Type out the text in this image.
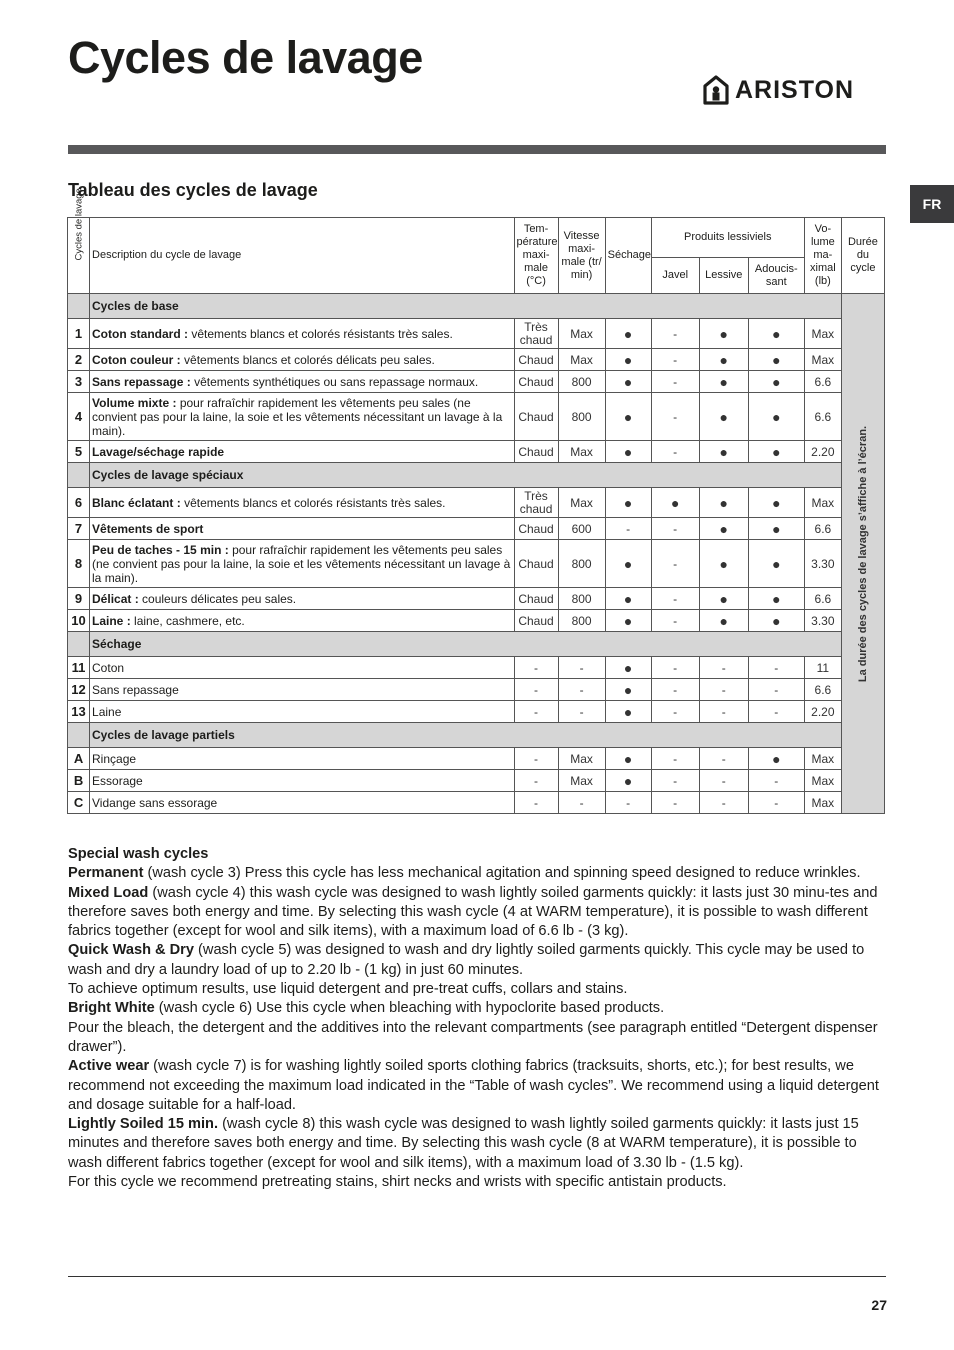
Cycles de lavage
ARISTON
FR
Tableau des cycles de lavage
Cycles de lavage	Description du cycle de lavage	Tem- pérature maxi- male (°C)	Vitesse maxi- male (tr/ min)	Séchage	Produits lessiviels			Vo- lume ma- ximal (lb)	Durée du cycle
					Javel	Lessive	Adoucis- sant		
	Cycles de base								La durée des cycles de lavage s’affiche à l’écran.

1	Coton standard : vêtements blancs et colorés résistants très sales.	Très chaud	Max	●	-	●	●	Max	
2	Coton couleur : vêtements blancs et colorés délicats peu sales.	Chaud	Max	●	-	●	●	Max	
3	Sans repassage : vêtements synthétiques ou sans repassage normaux.	Chaud	800	●	-	●	●	6.6	
4	Volume mixte : pour rafraîchir rapidement les vêtements peu sales (ne convient pas pour la laine, la soie et les vêtements nécessitant un lavage à la main).	Chaud	800	●	-	●	●	6.6	
5	Lavage/séchage rapide	Chaud	Max	●	-	●	●	2.20	
	Cycles de lavage spéciaux								
6	Blanc éclatant : vêtements blancs et colorés résistants très sales.	Très chaud	Max	●	●	●	●	Max	
7	Vêtements de sport	Chaud	600	-	-	●	●	6.6	
8	Peu de taches - 15 min : pour rafraîchir rapidement les vêtements peu sales (ne convient pas pour la laine, la soie et les vêtements nécessitant un lavage à la main).	Chaud	800	●	-	●	●	3.30	
9	Délicat : couleurs délicates peu sales.	Chaud	800	●	-	●	●	6.6	
10	Laine : laine, cashmere, etc.	Chaud	800	●	-	●	●	3.30	
	Séchage								
11	Coton	-	-	●	-	-	-	11	
12	Sans repassage	-	-	●	-	-	-	6.6	
13	Laine	-	-	●	-	-	-	2.20	
	Cycles de lavage partiels								
A	Rinçage	-	Max	●	-	-	●	Max	
B	Essorage	-	Max	●	-	-	-	Max	
C	Vidange sans essorage	-	-	-	-	-	-	Max	

Special wash cycles

Permanent (wash cycle 3) Press this cycle has less mechanical agitation and spinning speed designed to reduce wrinkles.

Mixed Load (wash cycle 4) this wash cycle was designed to wash lightly soiled garments quickly: it lasts just 30 minu-tes and therefore saves both energy and time. By selecting this wash cycle (4 at WARM temperature), it is possible to wash different fabrics together (except for wool and silk items), with a maximum load of 6.6 lb - (3 kg).

Quick Wash & Dry (wash cycle 5) was designed to wash and dry lightly soiled garments quickly. This cycle may be used to wash and dry a laundry load of up to 2.20 lb - (1 kg) in just 60 minutes.

To achieve optimum results, use liquid detergent and pre-treat cuffs, collars and stains.

Bright White (wash cycle 6) Use this cycle when bleaching with hypoclorite based products.

Pour the bleach, the detergent and the additives into the relevant compartments (see paragraph entitled “Detergent dispenser drawer”).

Active wear (wash cycle 7) is for washing lightly soiled sports clothing fabrics (tracksuits, shorts, etc.); for best results, we recommend not exceeding the maximum load indicated in the “Table of wash cycles”. We recommend using a liquid detergent and dosage suitable for a half-load.

Lightly Soiled 15 min. (wash cycle 8) this wash cycle was designed to wash lightly soiled garments quickly: it lasts just 15 minutes and therefore saves both energy and time. By selecting this wash cycle (8 at WARM temperature), it is possible to wash different fabrics together (except for wool and silk items), with a maximum load of 3.30 lb - (1.5 kg).

For this cycle we recommend pretreating stains, shirt necks and wrists with specific antistain products.

27
